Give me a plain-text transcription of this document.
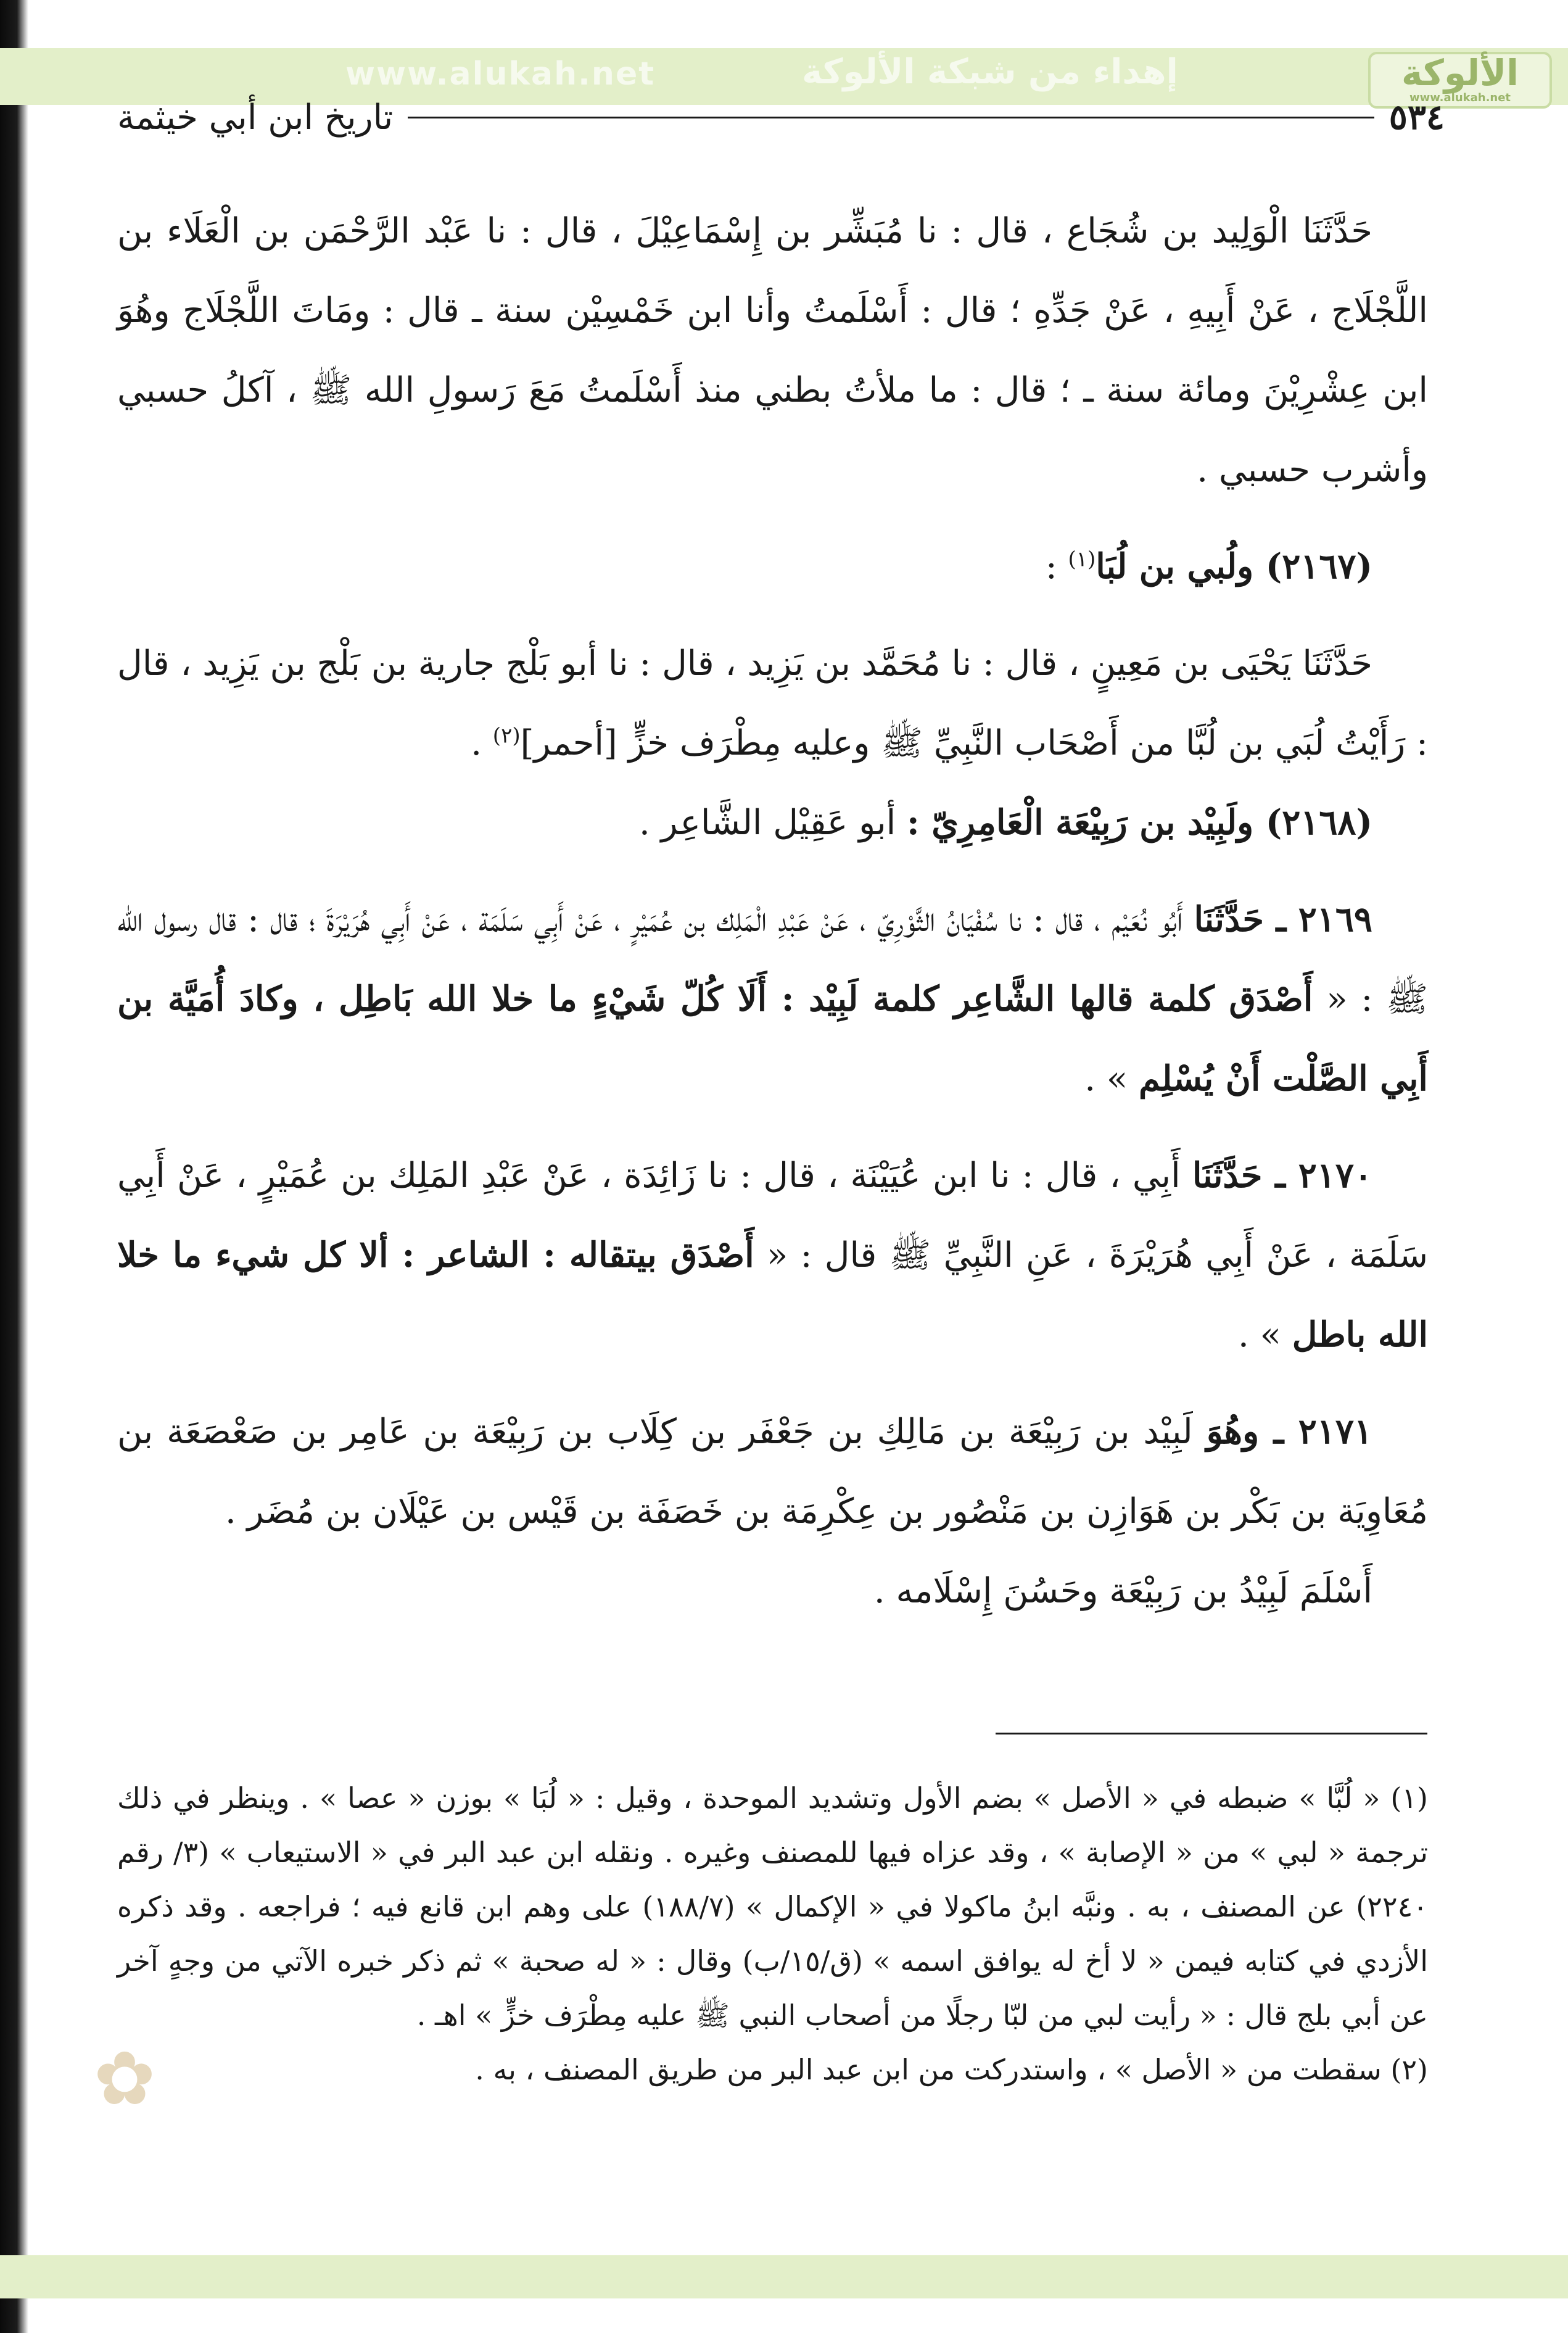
www.alukah.net	إهداء من شبكة الألوكة	الألوكة
www.alukah.net
٥٣٤
تاريخ ابن أبي خيثمة

حَدَّثَنَا الْوَلِيد بن شُجَاع ، قال : نا مُبَشِّر بن إِسْمَاعِيْلَ ، قال : نا عَبْد الرَّحْمَن بن الْعَلَاء بن اللَّجْلَاج ، عَنْ أَبِيهِ ، عَنْ جَدِّهِ ؛ قال : أَسْلَمتُ وأنا ابن خَمْسِيْن سنة ـ قال : ومَاتَ اللَّجْلَاج وهُوَ ابن عِشْرِيْنَ ومائة سنة ـ ؛ قال : ما ملأتُ بطني منذ أَسْلَمتُ مَعَ رَسولِ الله ﷺ ، آكلُ حسبي وأشرب حسبي .

(٢١٦٧) ولُبي بن لُبَا$^{(١)}$ :

حَدَّثَنَا يَحْيَى بن مَعِينٍ ، قال : نا مُحَمَّد بن يَزِيد ، قال : نا أبو بَلْج جارية بن بَلْج بن يَزِيد ، قال : رَأَيْتُ لُبَي بن لُبَّا من أَصْحَاب النَّبِيِّ ﷺ وعليه مِطْرَف خزٍّ [أحمر]$^{(٢)}$ .

(٢١٦٨) ولَبِيْد بن رَبِيْعَة الْعَامِرِيّ : أبو عَقِيْل الشَّاعِر .

٢١٦٩ ـ حَدَّثَنَا أَبُو نُعَيْم ، قال : نا سُفْيَانُ الثَّوْرِيّ ، عَنْ عَبْدِ الْمَلِك بن عُمَيْرٍ ، عَنْ أَبِي سَلَمَة ، عَنْ أَبِي هُرَيْرَةَ ؛ قال : قال رسول الله ﷺ : « أَصْدَق كلمة قالها الشَّاعِر كلمة لَبِيْد : أَلَا كُلّ شَيْءٍ ما خلا الله بَاطِل ، وكادَ أُمَيَّة بن أَبِي الصَّلْت أَنْ يُسْلِم » .

٢١٧٠ ـ حَدَّثَنَا أَبِي ، قال : نا ابن عُيَيْنَة ، قال : نا زَائِدَة ، عَنْ عَبْدِ المَلِك بن عُمَيْرٍ ، عَنْ أَبِي سَلَمَة ، عَنْ أَبِي هُرَيْرَةَ ، عَنِ النَّبِيِّ ﷺ قال : « أَصْدَق بيتقاله : الشاعر : ألا كل شيء ما خلا الله باطل » .

٢١٧١ ـ وهُوَ لَبِيْد بن رَبِيْعَة بن مَالِكِ بن جَعْفَر بن كِلَاب بن رَبِيْعَة بن عَامِر بن صَعْصَعَة بن مُعَاوِيَة بن بَكْر بن هَوَازِن بن مَنْصُور بن عِكْرِمَة بن خَصَفَة بن قَيْس بن عَيْلَان بن مُضَر .

أَسْلَمَ لَبِيْدُ بن رَبِيْعَة وحَسُنَ إِسْلَامه .

(١) « لُبَّا » ضبطه في « الأصل » بضم الأول وتشديد الموحدة ، وقيل : « لُبَا » بوزن « عصا » . وينظر في ذلك ترجمة « لبي » من « الإصابة » ، وقد عزاه فيها للمصنف وغيره . ونقله ابن عبد البر في « الاستيعاب » (٣/ رقم ٢٢٤٠) عن المصنف ، به . ونبَّه ابنُ ماكولا في « الإكمال » (١٨٨/٧) على وهم ابن قانع فيه ؛ فراجعه . وقد ذكره الأزدي في كتابه فيمن « لا أخ له يوافق اسمه » (ق/١٥/ب) وقال : « له صحبة » ثم ذكر خبره الآتي من وجهٍ آخر عن أبي بلج قال : « رأيت لبي من لبّا رجلًا من أصحاب النبي ﷺ عليه مِطْرَف خزٍّ » اهـ .

(٢) سقطت من « الأصل » ، واستدركت من ابن عبد البر من طريق المصنف ، به .

✿
